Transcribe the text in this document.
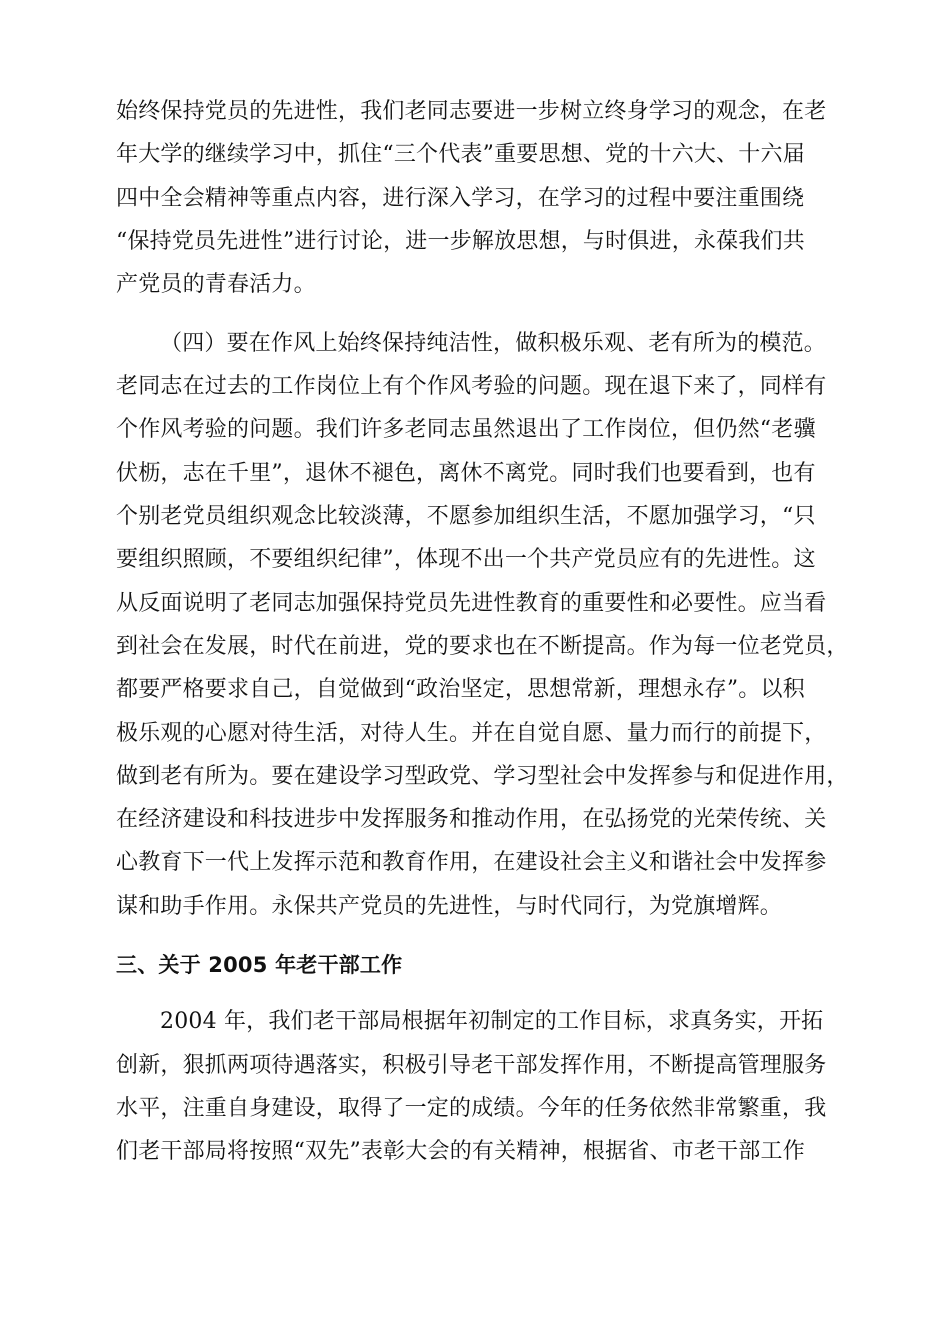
始终保持党员的先进性，我们老同志要进一步树立终身学习的观念，在老
年大学的继续学习中，抓住“三个代表”重要思想、党的十六大、十六届
四中全会精神等重点内容，进行深入学习，在学习的过程中要注重围绕
“保持党员先进性”进行讨论，进一步解放思想，与时俱进，永葆我们共
产党员的青春活力。
（四）要在作风上始终保持纯洁性，做积极乐观、老有所为的模范。
老同志在过去的工作岗位上有个作风考验的问题。现在退下来了，同样有
个作风考验的问题。我们许多老同志虽然退出了工作岗位，但仍然“老骥
伏枥，志在千里”，退休不褪色，离休不离党。同时我们也要看到，也有
个别老党员组织观念比较淡薄，不愿参加组织生活，不愿加强学习，“只
要组织照顾，不要组织纪律”，体现不出一个共产党员应有的先进性。这
从反面说明了老同志加强保持党员先进性教育的重要性和必要性。应当看
到社会在发展，时代在前进，党的要求也在不断提高。作为每一位老党员，
都要严格要求自己，自觉做到“政治坚定，思想常新，理想永存”。以积
极乐观的心愿对待生活，对待人生。并在自觉自愿、量力而行的前提下，
做到老有所为。要在建设学习型政党、学习型社会中发挥参与和促进作用，
在经济建设和科技进步中发挥服务和推动作用，在弘扬党的光荣传统、关
心教育下一代上发挥示范和教育作用，在建设社会主义和谐社会中发挥参
谋和助手作用。永保共产党员的先进性，与时代同行，为党旗增辉。
三、关于 2005 年老干部工作
2004 年，我们老干部局根据年初制定的工作目标，求真务实，开拓
创新，狠抓两项待遇落实，积极引导老干部发挥作用，不断提高管理服务
水平，注重自身建设，取得了一定的成绩。今年的任务依然非常繁重，我
们老干部局将按照“双先”表彰大会的有关精神，根据省、市老干部工作
